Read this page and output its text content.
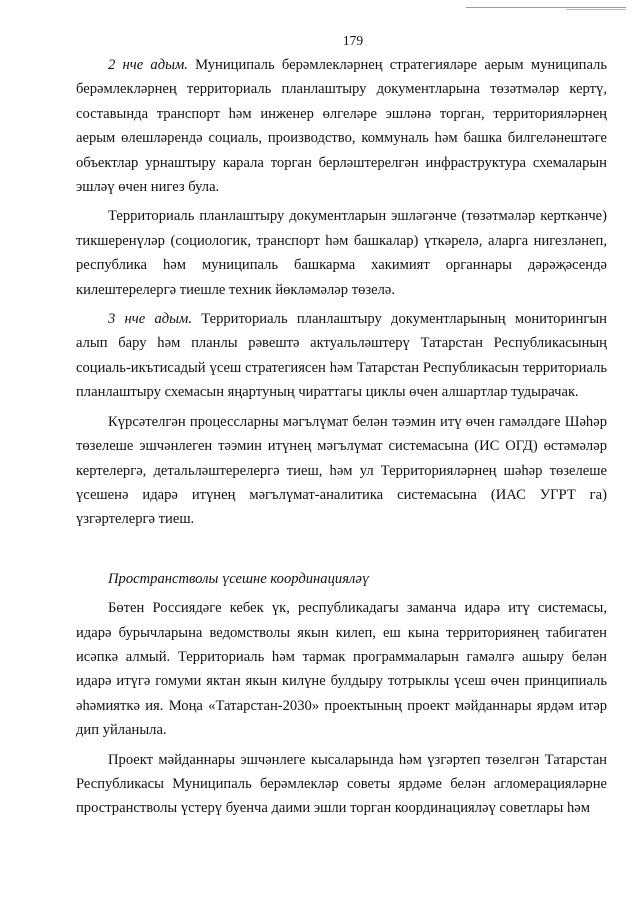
179

2 нче адым. Муниципаль берәмлекләрнең стратегияләре аерым муниципаль берәмлекләрнең территориаль планлаштыру документларына төзәтмәләр кертү, составында транспорт һәм инженер өлгеләре эшләнә торган, территорияләрнең аерым өлешләрендә социаль, производство, коммуналь һәм башка билгеләнештәге объектлар урнаштыру карала торган берләштерелгән инфраструктура схемаларын эшләү өчен нигез була.

Территориаль планлаштыру документларын эшләгәнче (төзәтмәләр керткәнче) тикшеренүләр (социологик, транспорт һәм башкалар) үткәрелә, аларга нигезләнеп, республика һәм муниципаль башкарма хакимият органнары дәрәҗәсендә килештерелергә тиешле техник йөкләмәләр төзелә.

3 нче адым. Территориаль планлаштыру документларының мониторингын алып бару һәм планлы рәвештә актуальләштерү Татарстан Республикасының социаль-икътисадый үсеш стратегиясен һәм Татарстан Республикасын территориаль планлаштыру схемасын яңартуның чираттагы циклы өчен алшартлар тудырачак.

Күрсәтелгән процессларны мәгълүмат белән тәэмин итү өчен гамәлдәге Шәһәр төзелеше эшчәнлеген тәэмин итүнең мәгълүмат системасына (ИС ОГД) өстәмәләр кертелергә, детальләштерелергә тиеш, һәм ул Территорияләрнең шәһәр төзелеше үсешенә идарә итүнең мәгълүмат-аналитика системасына (ИАС УГРТ га) үзгәртелергә тиеш.

Пространстволы үсешне координацияләү

Бөтен Россиядәге кебек үк, республикадагы заманча идарә итү системасы, идарә бурычларына ведомстволы якын килеп, еш кына территориянең табигатен исәпкә алмый. Территориаль һәм тармак программаларын гамәлгә ашыру белән идарә итүгә гомуми яктан якын килүне булдыру тотрыклы үсеш өчен принципиаль әһәмияткә ия. Моңа «Татарстан-2030» проектының проект мәйданнары ярдәм итәр дип уйланыла.

Проект мәйданнары эшчәнлеге кысаларында һәм үзгәртеп төзелгән Татарстан Республикасы Муниципаль берәмлекләр советы ярдәме белән агломерацияләрне пространстволы үстерү буенча даими эшли торган координацияләү советлары һәм
